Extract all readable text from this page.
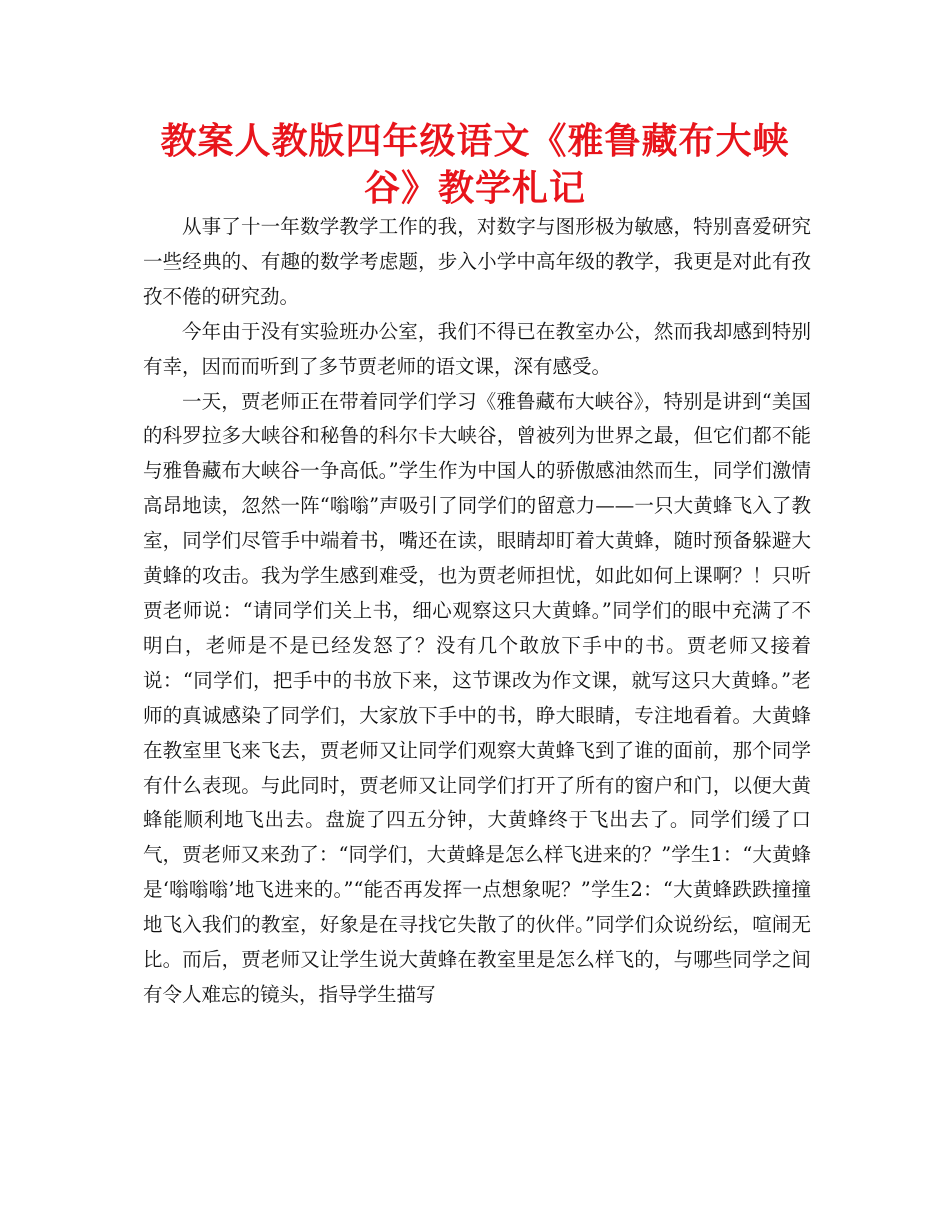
教案人教版四年级语文《雅鲁藏布大峡
谷》教学札记

从事了十一年数学教学工作的我，对数字与图形极为敏感，特别喜爱研究一些经典的、有趣的数学考虑题，步入小学中高年级的教学，我更是对此有孜孜不倦的研究劲。

今年由于没有实验班办公室，我们不得已在教室办公，然而我却感到特别有幸，因而而听到了多节贾老师的语文课，深有感受。

一天，贾老师正在带着同学们学习《雅鲁藏布大峡谷》，特别是讲到“美国的科罗拉多大峡谷和秘鲁的科尔卡大峡谷，曾被列为世界之最，但它们都不能与雅鲁藏布大峡谷一争高低。”学生作为中国人的骄傲感油然而生，同学们激情高昂地读，忽然一阵“嗡嗡”声吸引了同学们的留意力——一只大黄蜂飞入了教室，同学们尽管手中端着书，嘴还在读，眼睛却盯着大黄蜂，随时预备躲避大黄蜂的攻击。我为学生感到难受，也为贾老师担忧，如此如何上课啊？！只听贾老师说：“请同学们关上书，细心观察这只大黄蜂。”同学们的眼中充满了不明白，老师是不是已经发怒了？没有几个敢放下手中的书。贾老师又接着说：“同学们，把手中的书放下来，这节课改为作文课，就写这只大黄蜂。”老师的真诚感染了同学们，大家放下手中的书，睁大眼睛，专注地看着。大黄蜂在教室里飞来飞去，贾老师又让同学们观察大黄蜂飞到了谁的面前，那个同学有什么表现。与此同时，贾老师又让同学们打开了所有的窗户和门，以便大黄蜂能顺利地飞出去。盘旋了四五分钟，大黄蜂终于飞出去了。同学们缓了口气，贾老师又来劲了：“同学们，大黄蜂是怎么样飞进来的？”学生1：“大黄蜂是‘嗡嗡嗡’地飞进来的。”“能否再发挥一点想象呢？”学生2：“大黄蜂跌跌撞撞地飞入我们的教室，好象是在寻找它失散了的伙伴。”同学们众说纷纭，喧闹无比。而后，贾老师又让学生说大黄蜂在教室里是怎么样飞的，与哪些同学之间有令人难忘的镜头，指导学生描写
